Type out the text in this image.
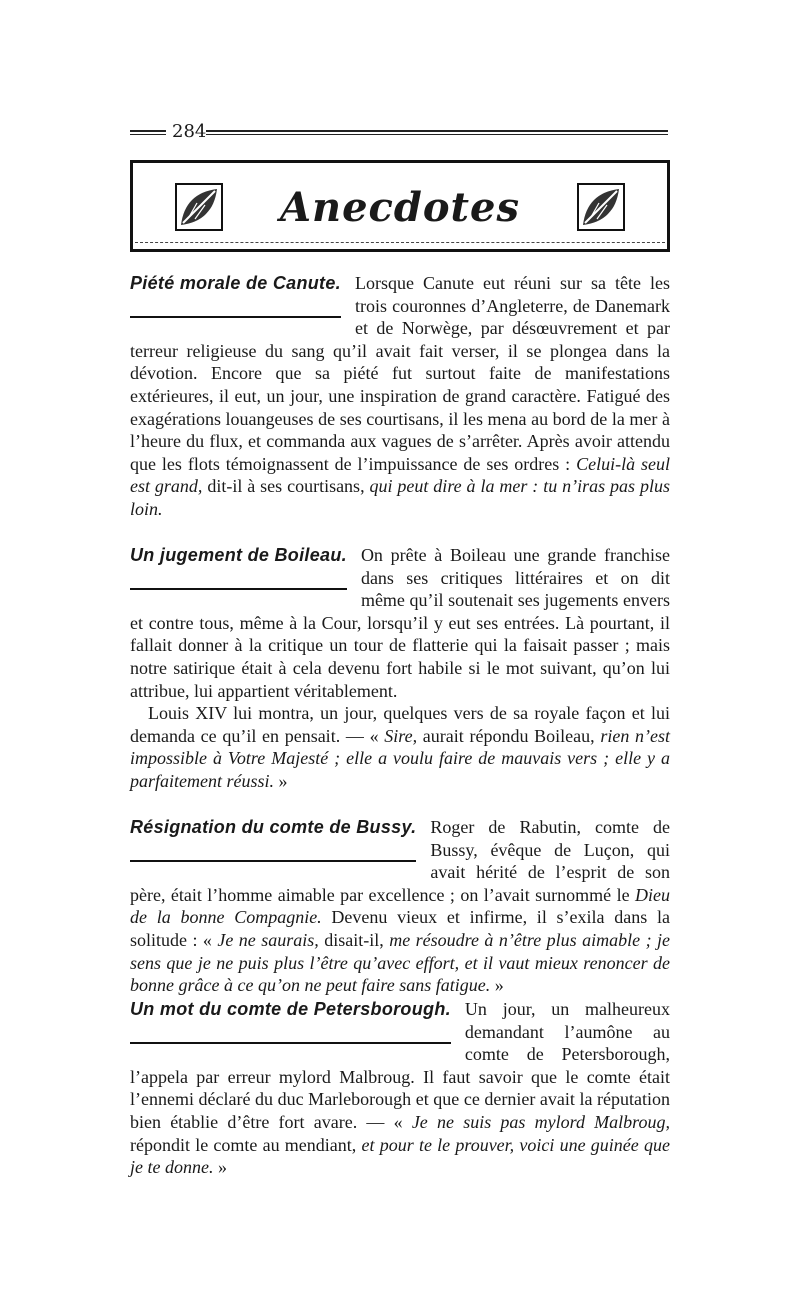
284
Anecdotes

Piété morale de Canute. Lorsque Canute eut réuni sur sa tête les trois couronnes d’Angleterre, de Danemark et de Norwège, par désœuvrement et par terreur religieuse du sang qu’il avait fait verser, il se plongea dans la dévotion. Encore que sa piété fut surtout faite de manifestations extérieures, il eut, un jour, une inspiration de grand caractère. Fatigué des exagérations louangeuses de ses courtisans, il les mena au bord de la mer à l’heure du flux, et commanda aux vagues de s’arrêter. Après avoir attendu que les flots témoignassent de l’impuissance de ses ordres : Celui-là seul est grand, dit-il à ses courtisans, qui peut dire à la mer : tu n’iras pas plus loin.

Un jugement de Boileau. On prête à Boileau une grande franchise dans ses critiques littéraires et on dit même qu’il soutenait ses jugements envers et contre tous, même à la Cour, lorsqu’il y eut ses entrées. Là pourtant, il fallait donner à la critique un tour de flatterie qui la faisait passer ; mais notre satirique était à cela devenu fort habile si le mot suivant, qu’on lui attribue, lui appartient véritablement.

Louis XIV lui montra, un jour, quelques vers de sa royale façon et lui demanda ce qu’il en pensait. — « Sire, aurait répondu Boileau, rien n’est impossible à Votre Majesté ; elle a voulu faire de mauvais vers ; elle y a parfaitement réussi. »

Résignation du comte de Bussy. Roger de Rabutin, comte de Bussy, évêque de Luçon, qui avait hérité de l’esprit de son père, était l’homme aimable par excellence ; on l’avait surnommé le Dieu de la bonne Compagnie. Devenu vieux et infirme, il s’exila dans la solitude : « Je ne saurais, disait-il, me résoudre à n’être plus aimable ; je sens que je ne puis plus l’être qu’avec effort, et il vaut mieux renoncer de bonne grâce à ce qu’on ne peut faire sans fatigue. »

Un mot du comte de Petersborough. Un jour, un malheureux demandant l’aumône au comte de Petersborough, l’appela par erreur mylord Malbroug. Il faut savoir que le comte était l’ennemi déclaré du duc Marleborough et que ce dernier avait la réputation bien établie d’être fort avare. — « Je ne suis pas mylord Malbroug, répondit le comte au mendiant, et pour te le prouver, voici une guinée que je te donne. »
